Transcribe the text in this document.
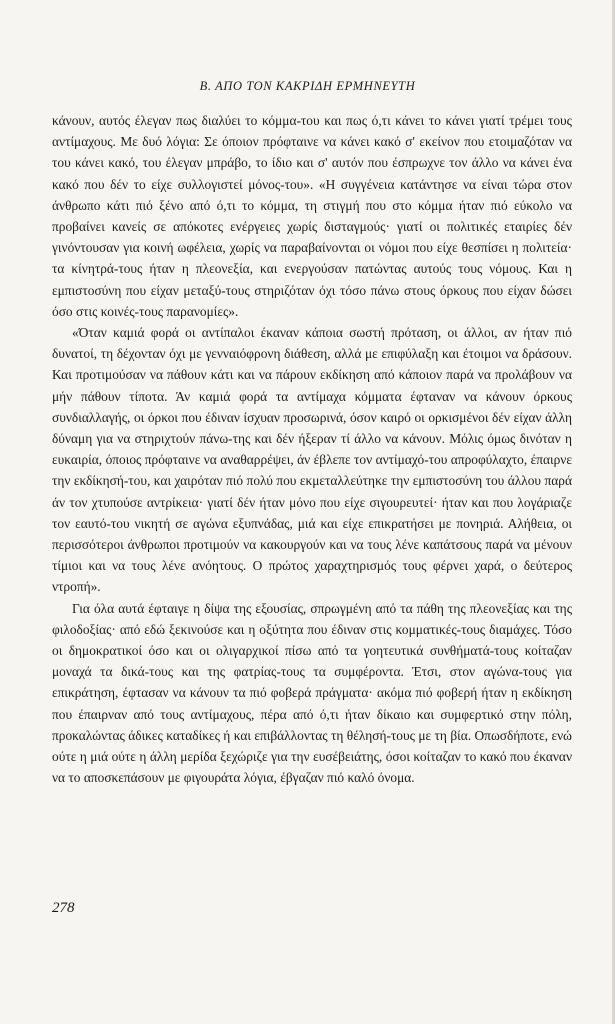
Β. ΑΠΟ ΤΟΝ ΚΑΚΡΙΔΗ ΕΡΜΗΝΕΥΤΗ

κάνουν, αυτός έλεγαν πως διαλύει το κόμμα-του και πως ό,τι κάνει το κάνει γιατί τρέμει τους αντίμαχους. Με δυό λόγια: Σε όποιον πρόφταινε να κάνει κακό σ' εκείνον που ετοιμαζόταν να του κάνει κακό, του έλεγαν μπράβο, το ίδιο και σ' αυτόν που έσπρωχνε τον άλλο να κάνει ένα κακό που δέν το είχε συλλογιστεί μόνος-του». «Η συγγένεια κατάντησε να είναι τώρα στον άνθρωπο κάτι πιό ξένο από ό,τι το κόμμα, τη στιγμή που στο κόμμα ήταν πιό εύκολο να προβαίνει κανείς σε απόκοτες ενέργειες χωρίς δισταγμούς· γιατί οι πολιτικές εταιρίες δέν γινόντουσαν για κοινή ωφέλεια, χωρίς να παραβαίνονται οι νόμοι που είχε θεσπίσει η πολιτεία· τα κίνητρά-τους ήταν η πλεονεξία, και ενεργούσαν πατώντας αυτούς τους νόμους. Και η εμπιστοσύνη που είχαν μεταξύ-τους στηριζόταν όχι τόσο πάνω στους όρκους που είχαν δώσει όσο στις κοινές-τους παρανομίες».

«Όταν καμιά φορά οι αντίπαλοι έκαναν κάποια σωστή πρόταση, οι άλλοι, αν ήταν πιό δυνατοί, τη δέχονταν όχι με γενναιόφρονη διάθεση, αλλά με επιφύλαξη και έτοιμοι να δράσουν. Και προτιμούσαν να πάθουν κάτι και να πάρουν εκδίκηση από κάποιον παρά να προλάβουν να μήν πάθουν τίποτα. Άν καμιά φορά τα αντίμαχα κόμματα έφταναν να κάνουν όρκους συνδιαλλαγής, οι όρκοι που έδιναν ίσχυαν προσωρινά, όσον καιρό οι ορκισμένοι δέν είχαν άλλη δύναμη για να στηριχτούν πάνω-της και δέν ήξεραν τί άλλο να κάνουν. Μόλις όμως δινόταν η ευκαιρία, όποιος πρόφταινε να αναθαρρέψει, άν έβλεπε τον αντίμαχό-του απροφύλαχτο, έπαιρνε την εκδίκησή-του, και χαιρόταν πιό πολύ που εκμεταλλεύτηκε την εμπιστοσύνη του άλλου παρά άν τον χτυπούσε αντρίκεια· γιατί δέν ήταν μόνο που είχε σιγουρευτεί· ήταν και που λογάριαζε τον εαυτό-του νικητή σε αγώνα εξυπνάδας, μιά και είχε επικρατήσει με πονηριά. Αλήθεια, οι περισσότεροι άνθρωποι προτιμούν να κακουργούν και να τους λένε καπάτσους παρά να μένουν τίμιοι και να τους λένε ανόητους. Ο πρώτος χαραχτηρισμός τους φέρνει χαρά, ο δεύτερος ντροπή».

Για όλα αυτά έφταιγε η δίψα της εξουσίας, σπρωγμένη από τα πάθη της πλεονεξίας και της φιλοδοξίας· από εδώ ξεκινούσε και η οξύτητα που έδιναν στις κομματικές-τους διαμάχες. Τόσο οι δημοκρατικοί όσο και οι ολιγαρχικοί πίσω από τα γοητευτικά συνθήματά-τους κοίταζαν μοναχά τα δικά-τους και της φατρίας-τους τα συμφέροντα. Έτσι, στον αγώνα-τους για επικράτηση, έφτασαν να κάνουν τα πιό φοβερά πράγματα· ακόμα πιό φοβερή ήταν η εκδίκηση που έπαιρναν από τους αντίμαχους, πέρα από ό,τι ήταν δίκαιο και συμφερτικό στην πόλη, προκαλώντας άδικες καταδίκες ή και επιβάλλοντας τη θέλησή-τους με τη βία. Οπωσδήποτε, ενώ ούτε η μιά ούτε η άλλη μερίδα ξεχώριζε για την ευσέβειάτης, όσοι κοίταζαν το κακό που έκαναν να το αποσκεπάσουν με φιγουράτα λόγια, έβγαζαν πιό καλό όνομα.

278
